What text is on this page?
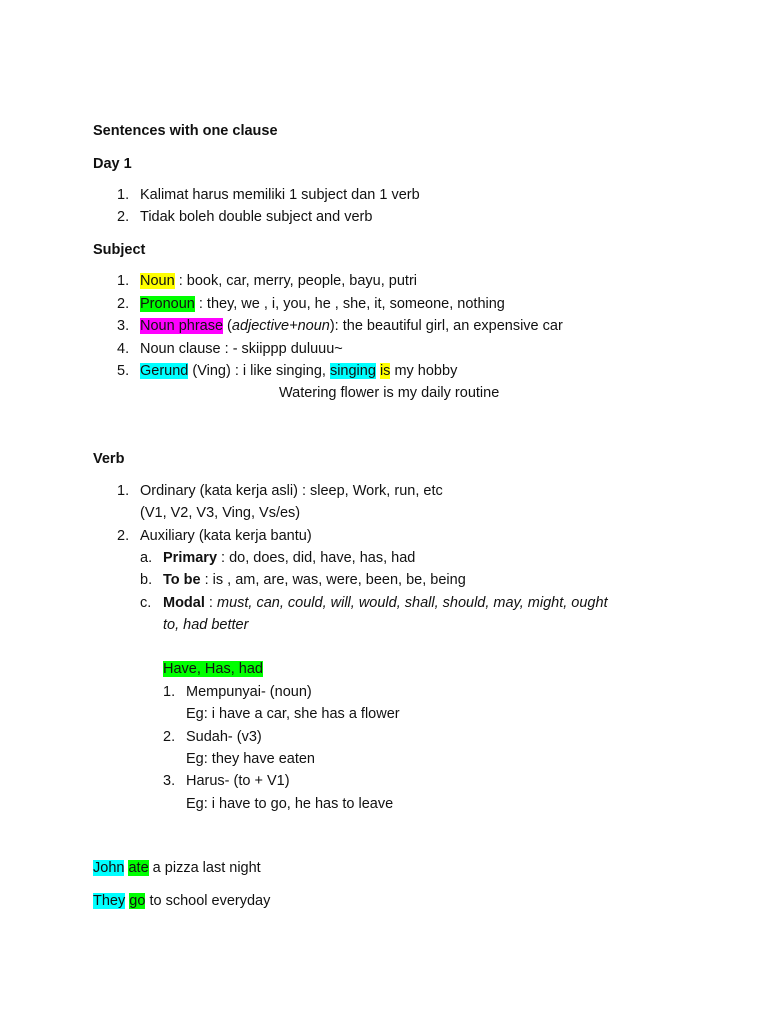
Sentences with one clause
Day 1
1. Kalimat harus memiliki 1 subject dan 1 verb
2. Tidak boleh double subject and verb
Subject
1. Noun : book, car, merry, people, bayu, putri
2. Pronoun : they, we , i, you, he , she, it, someone, nothing
3. Noun phrase (adjective+noun): the beautiful girl, an expensive car
4. Noun clause : - skiippp duluuu~
5. Gerund (Ving) : i like singing, singing is my hobby
Watering flower is my daily routine
Verb
1. Ordinary (kata kerja asli) : sleep, Work, run, etc
(V1, V2, V3, Ving, Vs/es)
2. Auxiliary (kata kerja bantu)
a. Primary : do, does, did, have, has, had
b. To be : is , am, are, was, were, been, be, being
c. Modal : must, can, could, will, would, shall, should, may, might, ought
to, had better
Have, Has, had
1. Mempunyai- (noun)
Eg: i have a car, she has a flower
2. Sudah- (v3)
Eg: they have eaten
3. Harus- (to + V1)
Eg: i have to go, he has to leave
John ate a pizza last night
They go to school everyday
